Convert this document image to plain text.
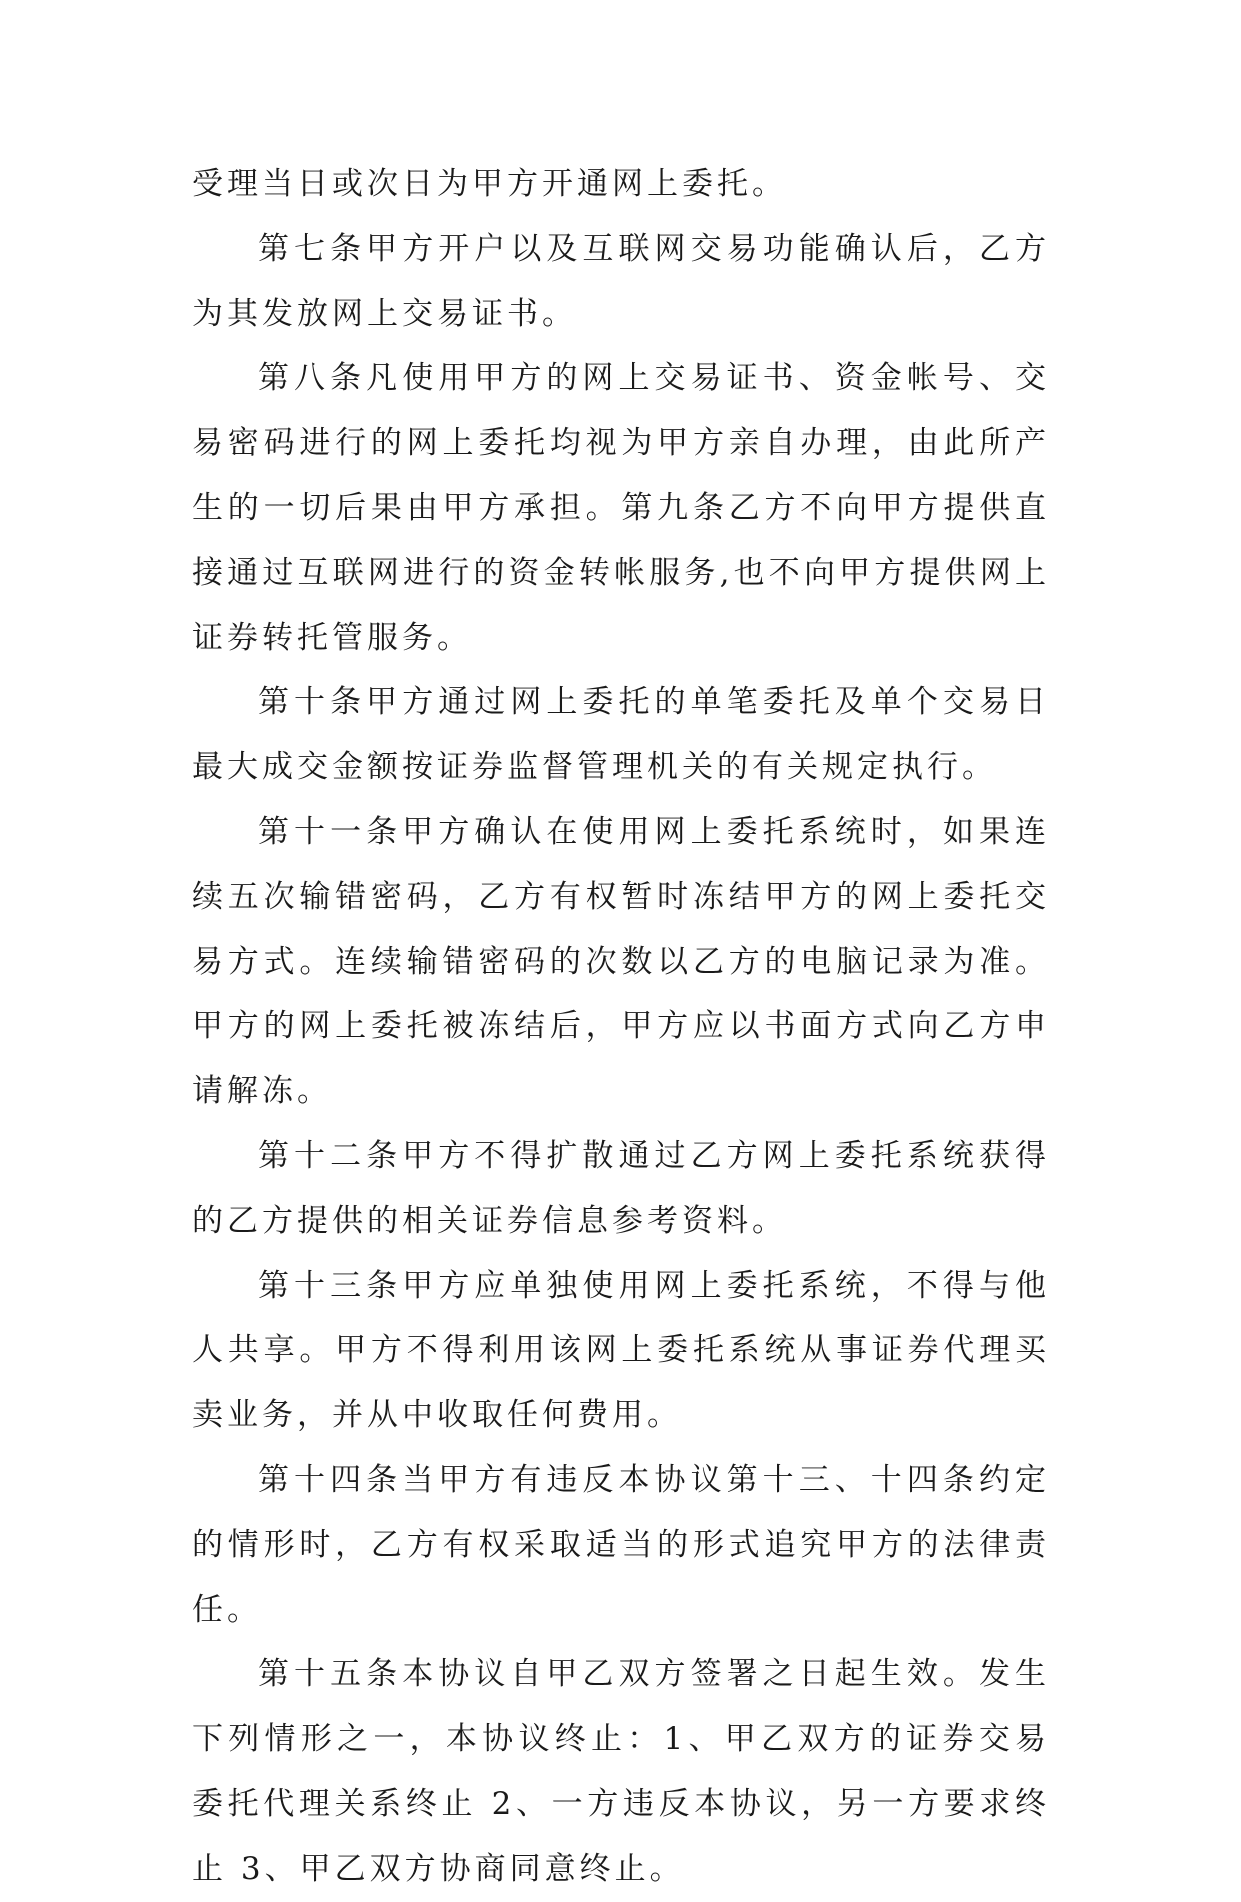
受理当日或次日为甲方开通网上委托。

第七条甲方开户以及互联网交易功能确认后，乙方为其发放网上交易证书。

第八条凡使用甲方的网上交易证书、资金帐号、交易密码进行的网上委托均视为甲方亲自办理，由此所产生的一切后果由甲方承担。第九条乙方不向甲方提供直接通过互联网进行的资金转帐服务,也不向甲方提供网上证券转托管服务。

第十条甲方通过网上委托的单笔委托及单个交易日最大成交金额按证券监督管理机关的有关规定执行。

第十一条甲方确认在使用网上委托系统时，如果连续五次输错密码，乙方有权暂时冻结甲方的网上委托交易方式。连续输错密码的次数以乙方的电脑记录为准。甲方的网上委托被冻结后，甲方应以书面方式向乙方申请解冻。

第十二条甲方不得扩散通过乙方网上委托系统获得的乙方提供的相关证券信息参考资料。

第十三条甲方应单独使用网上委托系统，不得与他人共享。甲方不得利用该网上委托系统从事证券代理买卖业务，并从中收取任何费用。

第十四条当甲方有违反本协议第十三、十四条约定的情形时，乙方有权采取适当的形式追究甲方的法律责任。

第十五条本协议自甲乙双方签署之日起生效。发生下列情形之一，本协议终止：1、甲乙双方的证券交易委托代理关系终止 2、一方违反本协议，另一方要求终止 3、甲乙双方协商同意终止。
